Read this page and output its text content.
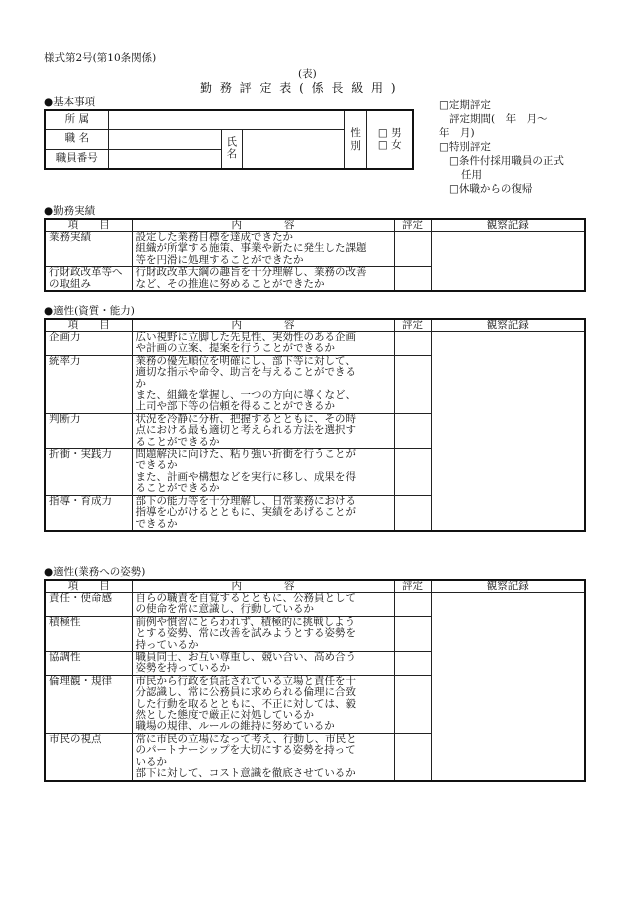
様式第2号(第10条関係)
(表)
勤 務 評 定 表 ( 係 長 級 用 )
●基本事項
所 属				性別	□ 男
□ 女

職 名		氏名			

職員番号					
□定期評定
評定期間(　年　月〜
年　月)
□特別評定
□条件付採用職員の正式
任用
□休職からの復帰
●勤務実績
項　　目	内　　　　容	評定	観察記録
業務実績	設定した業務目標を達成できたか
組織が所掌する施策、事業や新たに発生した課題
等を円滑に処理することができたか		

行財政改革等への取組み	行財政改革大綱の趣旨を十分理解し、業務の改善
など、その推進に努めることができたか		

●適性(資質・能力)
項　　目	内　　　　容	評定	観察記録
企画力	広い視野に立脚した先見性、実効性のある企画
や計画の立案、提案を行うことができるか		

統率力	業務の優先順位を明確にし、部下等に対して、
適切な指示や命令、助言を与えることができる
か
また、組織を掌握し、一つの方向に導くなど、
上司や部下等の信頼を得ることができるか		

判断力	状況を冷静に分析、把握するとともに、その時
点における最も適切と考えられる方法を選択す
ることができるか		

折衝・実践力	問題解決に向けた、粘り強い折衝を行うことが
できるか
また、計画や構想などを実行に移し、成果を得
ることができるか		

指導・育成力	部下の能力等を十分理解し、日常業務における
指導を心がけるとともに、実績をあげることが
できるか		

●適性(業務への姿勢)
項　　目	内　　　　容	評定	観察記録
責任・使命感	自らの職責を自覚するとともに、公務員として
の使命を常に意識し、行動しているか		

積極性	前例や慣習にとらわれず、積極的に挑戦しよう
とする姿勢、常に改善を試みようとする姿勢を
持っているか		

協調性	職員同士、お互い尊重し、競い合い、高め合う
姿勢を持っているか		

倫理観・規律	市民から行政を負託されている立場と責任を十
分認識し、常に公務員に求められる倫理に合致
した行動を取るとともに、不正に対しては、毅
然とした態度で厳正に対処しているか
職場の規律、ルールの維持に努めているか		

市民の視点	常に市民の立場になって考え、行動し、市民と
のパートナーシップを大切にする姿勢を持って
いるか
部下に対して、コスト意識を徹底させているか		
